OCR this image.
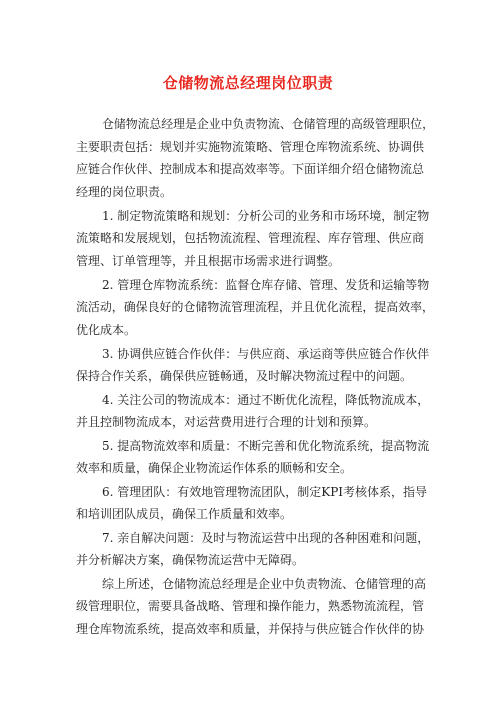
仓储物流总经理岗位职责
仓储物流总经理是企业中负责物流、仓储管理的高级管理职位，
主要职责包括：规划并实施物流策略、管理仓库物流系统、协调供
应链合作伙伴、控制成本和提高效率等。下面详细介绍仓储物流总
经理的岗位职责。
1. 制定物流策略和规划：分析公司的业务和市场环境，制定物
流策略和发展规划，包括物流流程、管理流程、库存管理、供应商
管理、订单管理等，并且根据市场需求进行调整。
2. 管理仓库物流系统：监督仓库存储、管理、发货和运输等物
流活动，确保良好的仓储物流管理流程，并且优化流程，提高效率，
优化成本。
3. 协调供应链合作伙伴：与供应商、承运商等供应链合作伙伴
保持合作关系，确保供应链畅通，及时解决物流过程中的问题。
4. 关注公司的物流成本：通过不断优化流程，降低物流成本，
并且控制物流成本，对运营费用进行合理的计划和预算。
5. 提高物流效率和质量：不断完善和优化物流系统，提高物流
效率和质量，确保企业物流运作体系的顺畅和安全。
6. 管理团队：有效地管理物流团队，制定KPI考核体系，指导
和培训团队成员，确保工作质量和效率。
7. 亲自解决问题：及时与物流运营中出现的各种困难和问题，
并分析解决方案，确保物流运营中无障碍。
综上所述，仓储物流总经理是企业中负责物流、仓储管理的高
级管理职位，需要具备战略、管理和操作能力，熟悉物流流程，管
理仓库物流系统，提高效率和质量，并保持与供应链合作伙伴的协
